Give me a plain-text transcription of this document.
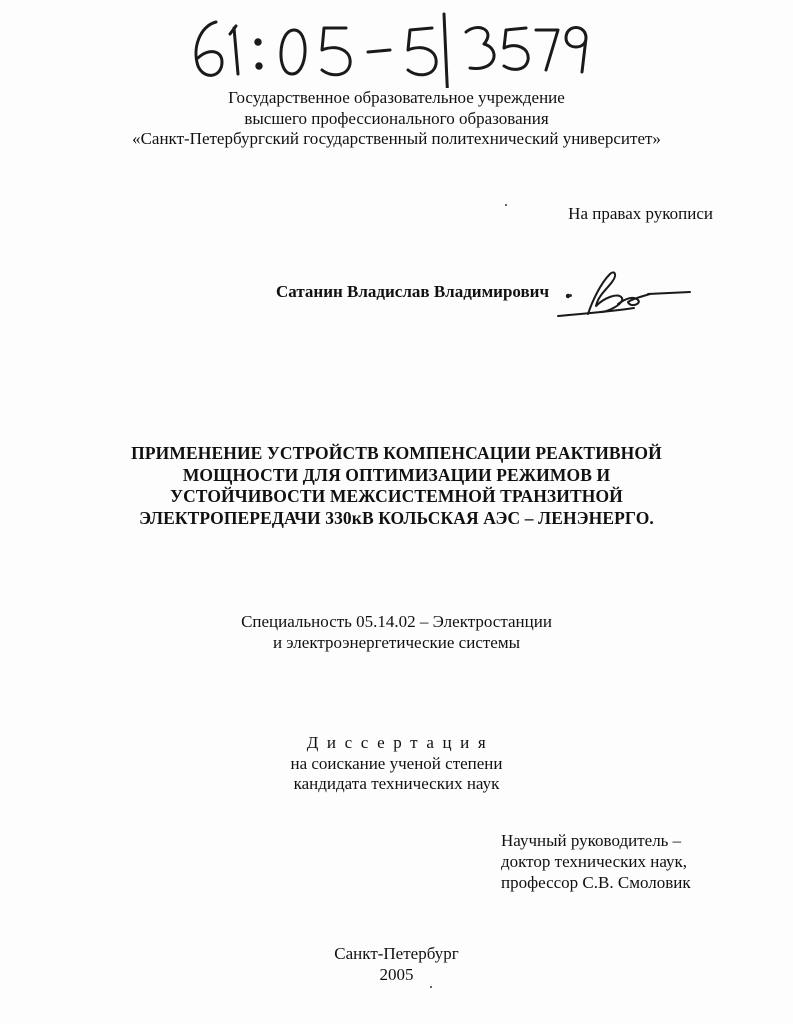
Государственное образовательное учреждение
высшего профессионального образования
«Санкт-Петербургский государственный политехнический университет»
На правах рукописи
Сатанин Владислав Владимирович
ПРИМЕНЕНИЕ УСТРОЙСТВ КОМПЕНСАЦИИ РЕАКТИВНОЙ
МОЩНОСТИ ДЛЯ ОПТИМИЗАЦИИ РЕЖИМОВ И
УСТОЙЧИВОСТИ МЕЖСИСТЕМНОЙ ТРАНЗИТНОЙ
ЭЛЕКТРОПЕРЕДАЧИ 330кВ КОЛЬСКАЯ АЭС – ЛЕНЭНЕРГО.
Специальность 05.14.02 – Электростанции
и электроэнергетические системы
Диссертация
на соискание ученой степени
кандидата технических наук
Научный руководитель –
доктор технических наук,
профессор С.В. Смоловик
Санкт-Петербург
2005
